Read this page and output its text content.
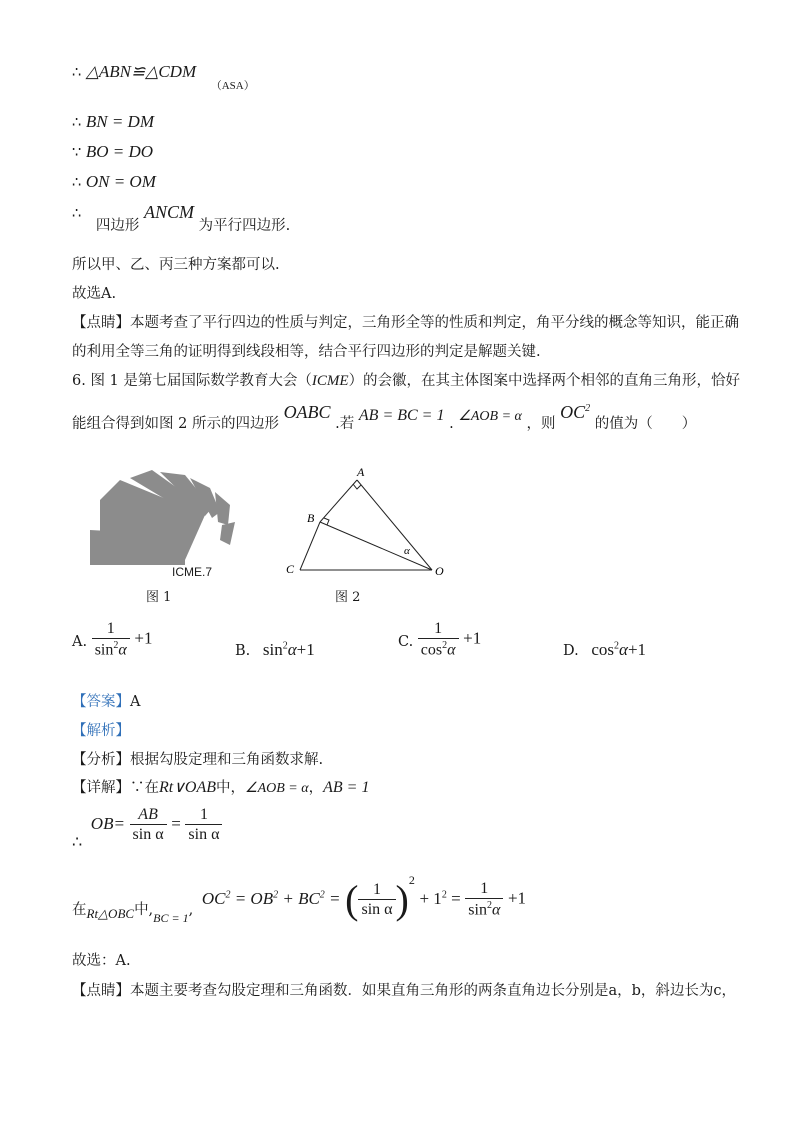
∴ △ABN≌△CDM $_{(ASA)}$
∴ BN = DM
∵ BO = DO
∴ ON = OM
∴ 四边形 ANCM 为平行四边形.
所以甲、乙、丙三种方案都可以.
故选A.
【点睛】本题考查了平行四边的性质与判定，三角形全等的性质和判定，角平分线的概念等知识，能正确
的利用全等三角的证明得到线段相等，结合平行四边形的判定是解题关键.
6. 图 1 是第七届国际数学教育大会（ICME）的会徽，在其主体图案中选择两个相邻的直角三角形，恰好
能组合得到如图 2 所示的四边形 OABC .若 AB = BC = 1 . ∠AOB = α ，则 $OC^2$ 的值为（　　）
ICME.7
图 1
A
B
C	O
α
图 2
A. $\frac{1}{\sin^2\alpha} +1$
B. $\sin^2\alpha+1$	C. $\frac{1}{\cos^2\alpha} +1$
D. $\cos^2\alpha+1$
【答案】A
【解析】
【分析】根据勾股定理和三角函数求解.
【详解】∵在Rt∨OAB中，∠AOB = α，AB = 1
∴ $OB= \frac{AB}{\text{sin α}} = \frac{1}{\text{sin α}}$
在Rt△OBC中$,_{BC = 1}$, $OC^2 = OB^2 + BC^2$ = ( $\frac{1}{\text{sin α}} )^2 + 1^2 = \frac{1}{\sin^2\alpha} +1$
故选：A.
【点睛】本题主要考查勾股定理和三角函数．如果直角三角形的两条直角边长分别是a，b，斜边长为c，
